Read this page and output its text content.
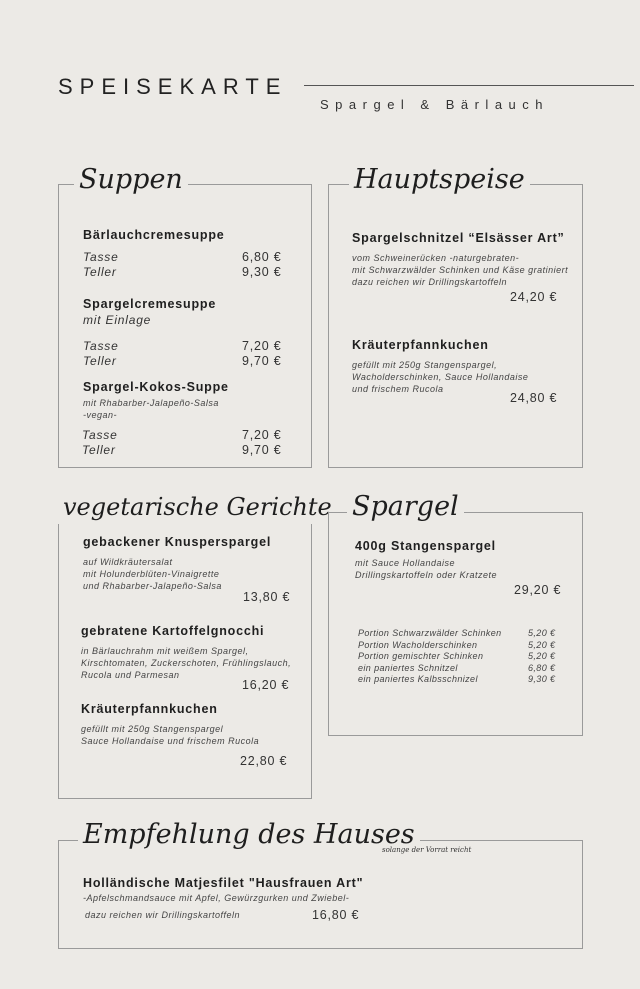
SPEISEKARTE
Spargel & Bärlauch
Suppen
Bärlauchcremesuppe
Tasse	6,80 €
Teller	9,30 €
Spargelcremesuppe
mit Einlage
Tasse	7,20 €
Teller	9,70 €
Spargel-Kokos-Suppe
mit Rhabarber-Jalapeño-Salsa
-vegan-
Tasse	7,20 €
Teller	9,70 €
Hauptspeise
Spargelschnitzel “Elsässer Art”
vom Schweinerücken -naturgebraten-
mit Schwarzwälder Schinken und Käse gratiniert
dazu reichen wir Drillingskartoffeln
24,20 €
Kräuterpfannkuchen
gefüllt mit 250g Stangenspargel,
Wacholderschinken, Sauce Hollandaise
und frischem Rucola
24,80 €
vegetarische Gerichte
gebackener Knusperspargel
auf Wildkräutersalat
mit Holunderblüten-Vinaigrette
und Rhabarber-Jalapeño-Salsa
13,80 €
gebratene Kartoffelgnocchi
in Bärlauchrahm mit weißem Spargel,
Kirschtomaten, Zuckerschoten, Frühlingslauch,
Rucola und Parmesan
16,20 €
Kräuterpfannkuchen
gefüllt mit 250g Stangenspargel
Sauce Hollandaise und frischem Rucola
22,80 €
Spargel
400g Stangenspargel
mit Sauce Hollandaise
Drillingskartoffeln oder Kratzete
29,20 €
Portion Schwarzwälder Schinken	5,20 €
Portion Wacholderschinken	5,20 €
Portion gemischter Schinken	5,20 €
ein paniertes Schnitzel	6,80 €
ein paniertes Kalbsschnizel	9,30 €
Empfehlung des Hauses
solange der Vorrat reicht
Holländische Matjesfilet "Hausfrauen Art"
-Apfelschmandsauce mit Apfel, Gewürzgurken und Zwiebel-
dazu reichen wir Drillingskartoffeln	16,80 €
